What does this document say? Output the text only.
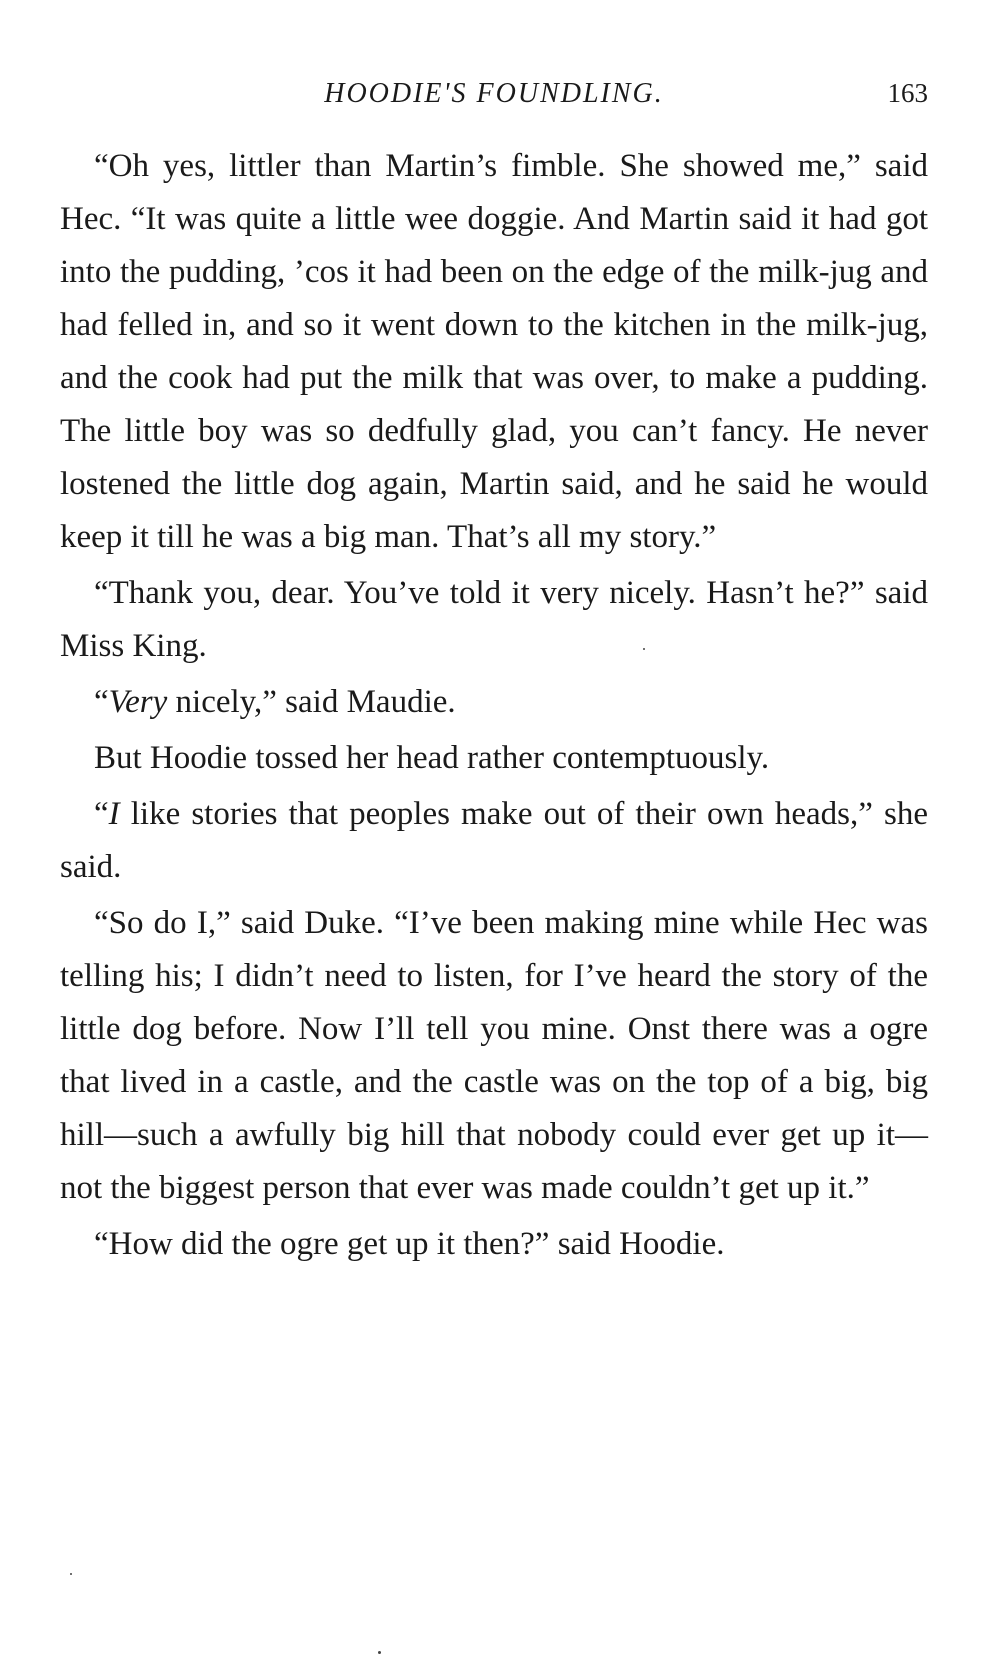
HOODIE'S FOUNDLING.	163

“Oh yes, littler than Martin’s fimble. She showed me,” said Hec. “It was quite a little wee doggie. And Martin said it had got into the pudding, ’cos it had been on the edge of the milk-jug and had felled in, and so it went down to the kitchen in the milk-jug, and the cook had put the milk that was over, to make a pudding. The little boy was so dedfully glad, you can’t fancy. He never lostened the little dog again, Martin said, and he said he would keep it till he was a big man. That’s all my story.”

“Thank you, dear. You’ve told it very nicely. Hasn’t he?” said Miss King.

“Very nicely,” said Maudie.

But Hoodie tossed her head rather contemptuously.

“I like stories that peoples make out of their own heads,” she said.

“So do I,” said Duke. “I’ve been making mine while Hec was telling his; I didn’t need to listen, for I’ve heard the story of the little dog before. Now I’ll tell you mine. Onst there was a ogre that lived in a castle, and the castle was on the top of a big, big hill—such a awfully big hill that nobody could ever get up it—not the biggest person that ever was made couldn’t get up it.”

“How did the ogre get up it then?” said Hoodie.
